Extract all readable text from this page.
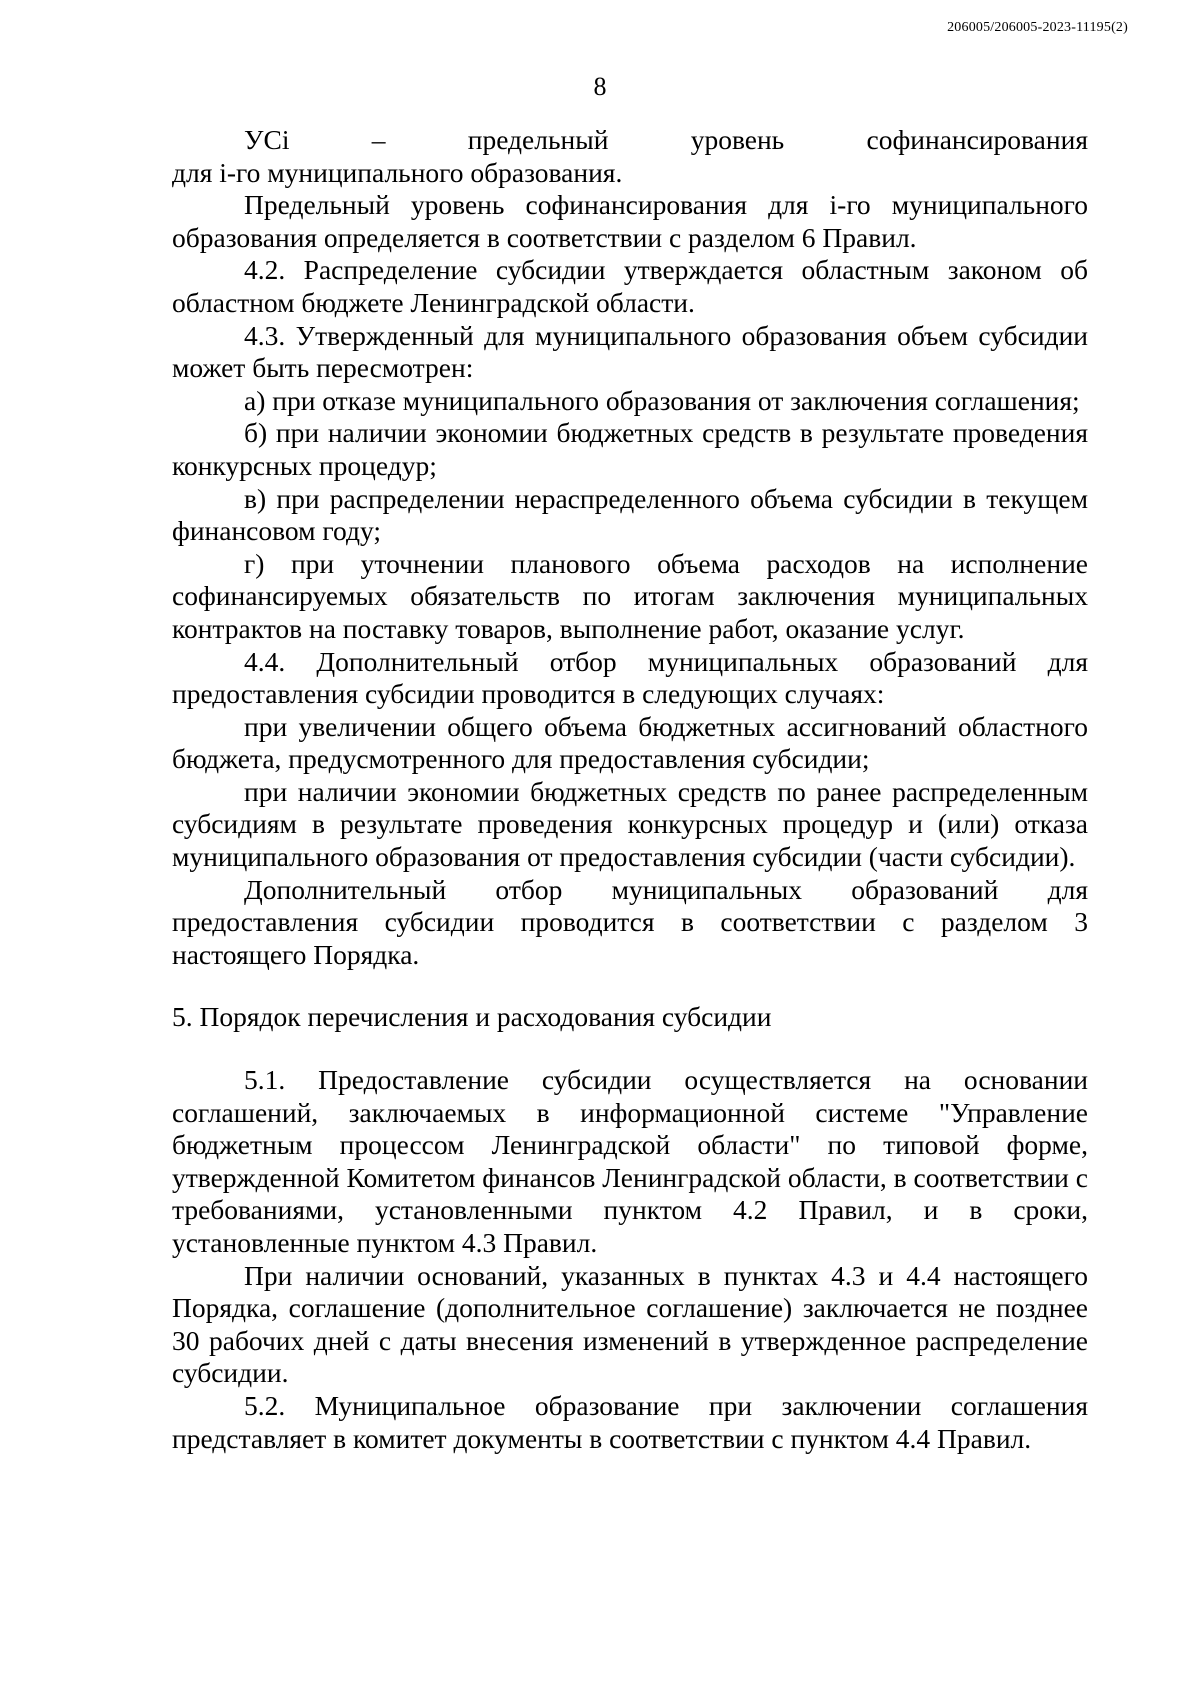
206005/206005-2023-11195(2)
8
УСi	–	предельный	уровень	софинансирования

для i-го муниципального образования.

Предельный уровень софинансирования для i-го муниципального образования определяется в соответствии с разделом 6 Правил.

4.2. Распределение субсидии утверждается областным законом об областном бюджете Ленинградской области.

4.3. Утвержденный для муниципального образования объем субсидии может быть пересмотрен:

а) при отказе муниципального образования от заключения соглашения;

б) при наличии экономии бюджетных средств в результате проведения конкурсных процедур;

в) при распределении нераспределенного объема субсидии в текущем финансовом году;

г) при уточнении планового объема расходов на исполнение софинансируемых обязательств по итогам заключения муниципальных контрактов на поставку товаров, выполнение работ, оказание услуг.

4.4. Дополнительный отбор муниципальных образований для предоставления субсидии проводится в следующих случаях:

при увеличении общего объема бюджетных ассигнований областного бюджета, предусмотренного для предоставления субсидии;

при наличии экономии бюджетных средств по ранее распределенным субсидиям в результате проведения конкурсных процедур и (или) отказа муниципального образования от предоставления субсидии (части субсидии).

Дополнительный отбор муниципальных образований для предоставления субсидии проводится в соответствии с разделом 3 настоящего Порядка.

5. Порядок перечисления и расходования субсидии

5.1. Предоставление субсидии осуществляется на основании соглашений, заключаемых в информационной системе "Управление бюджетным процессом Ленинградской области" по типовой форме, утвержденной Комитетом финансов Ленинградской области, в соответствии с требованиями, установленными пунктом 4.2 Правил, и в сроки, установленные пунктом 4.3 Правил.

При наличии оснований, указанных в пунктах 4.3 и 4.4 настоящего Порядка, соглашение (дополнительное соглашение) заключается не позднее 30 рабочих дней с даты внесения изменений в утвержденное распределение субсидии.

5.2. Муниципальное образование при заключении соглашения представляет в комитет документы в соответствии с пунктом 4.4 Правил.
